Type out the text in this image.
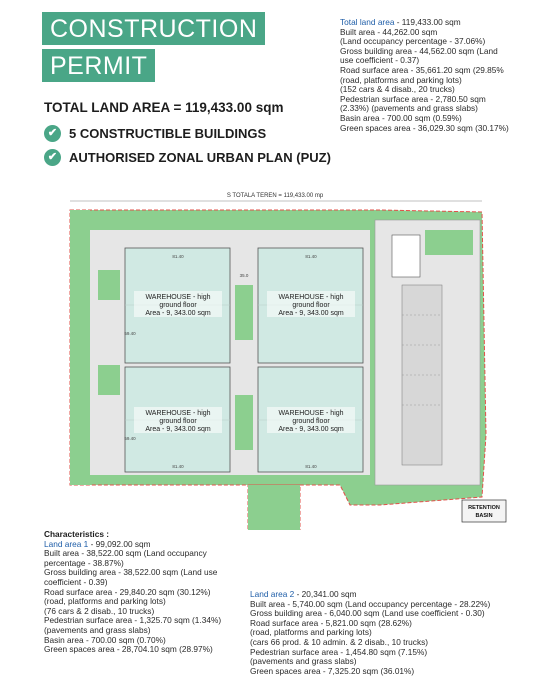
CONSTRUCTION
PERMIT
TOTAL LAND AREA = 119,433.00 sqm
✔ 5 CONSTRUCTIBLE BUILDINGS
✔ AUTHORISED ZONAL URBAN PLAN (PUZ)
Total land area - 119,433.00 sqm
Built area - 44,262.00 sqm
(Land occupancy percentage - 37.06%)
Gross building area - 44,562.00 sqm (Land
use coefficient - 0.37)
Road surface area - 35,661.20 sqm (29.85%
(road, platforms and parking lots)
(152 cars & 4 disab., 20 trucks)
Pedestrian surface area - 2,780.50 sqm
(2.33%) (pavements and grass slabs)
Basin area - 700.00 sqm (0.59%)
Green spaces area - 36,029.30 sqm (30.17%)
WAREHOUSE - high
ground floor
Area - 9, 343.00 sqm
WAREHOUSE - high
ground floor
Area - 9, 343.00 sqm
WAREHOUSE - high
ground floor
Area - 9, 343.00 sqm
WAREHOUSE - high
ground floor
Area - 9, 343.00 sqm
81.40	81.40
81.40	81.40
35.0
59.40
59.40
S TOTALA TEREN = 119,433.00 mp
RETENTION
BASIN
Characteristics :
Land area 1 - 99,092.00 sqm
Built area - 38,522.00 sqm (Land occupancy
percentage - 38.87%)
Gross building area - 38,522.00 sqm (Land use
coefficient - 0.39)
Road surface area - 29,840.20 sqm (30.12%)
(road, platforms and parking lots)
(76 cars & 2 disab., 10 trucks)
Pedestrian surface area - 1,325.70 sqm (1.34%)
(pavements and grass slabs)
Basin area - 700.00 sqm (0.70%)
Green spaces area - 28,704.10 sqm (28.97%)
Land area 2 - 20,341.00 sqm
Built area - 5,740.00 sqm (Land occupancy percentage - 28.22%)
Gross building area - 6,040.00 sqm (Land use coefficient - 0.30)
Road surface area - 5,821.00 sqm (28.62%)
(road, platforms and parking lots)
(cars 66 prod. & 10 admin. & 2 disab., 10 trucks)
Pedestrian surface area - 1,454.80 sqm (7.15%)
(pavements and grass slabs)
Green spaces area - 7,325.20 sqm (36.01%)
